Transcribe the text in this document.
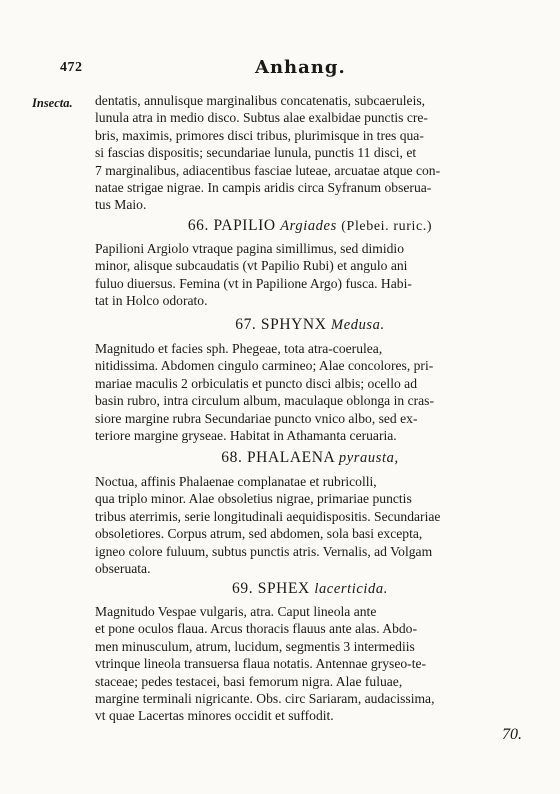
472	Anhang.
Insecta. dentatis, annulisque marginalibus concatenatis, subcaeruleis,
lunula atra in medio disco. Subtus alae exalbidae punctis cre-
bris, maximis, primores disci tribus, plurimisque in tres qua-
si fascias dispositis; secundariae lunula, punctis 11 disci, et
7 marginalibus, adiacentibus fasciae luteae, arcuatae atque con-
natae strigae nigrae. In campis aridis circa Syfranum obserua-
tus Maio.
66. PAPILIO Argiades (Plebei. ruric.)
Papilioni Argiolo vtraque pagina simillimus, sed dimidio
minor, alisque subcaudatis (vt Papilio Rubi) et angulo ani
fuluo diuersus. Femina (vt in Papilione Argo) fusca. Habi-
tat in Holco odorato.
67. SPHYNX Medusa.
Magnitudo et facies sph. Phegeae, tota atra-coerulea,
nitidissima. Abdomen cingulo carmineo; Alae concolores, pri-
mariae maculis 2 orbiculatis et puncto disci albis; ocello ad
basin rubro, intra circulum album, maculaque oblonga in cras-
siore margine rubra Secundariae puncto vnico albo, sed ex-
teriore margine gryseae. Habitat in Athamanta ceruaria.
68. PHALAENA pyrausta,
Noctua, affinis Phalaenae complanatae et rubricolli,
qua triplo minor. Alae obsoletius nigrae, primariae punctis
tribus aterrimis, serie longitudinali aequidispositis. Secundariae
obsoletiores. Corpus atrum, sed abdomen, sola basi excepta,
igneo colore fuluum, subtus punctis atris. Vernalis, ad Volgam
obseruata.
69. SPHEX lacerticida.
Magnitudo Vespae vulgaris, atra. Caput lineola ante
et pone oculos flaua. Arcus thoracis flauus ante alas. Abdo-
men minusculum, atrum, lucidum, segmentis 3 intermediis
vtrinque lineola transuersa flaua notatis. Antennae gryseo-te-
staceae; pedes testacei, basi femorum nigra. Alae fuluae,
margine terminali nigricante. Obs. circ Sariaram, audacissima,
vt quae Lacertas minores occidit et suffodit.
70.
